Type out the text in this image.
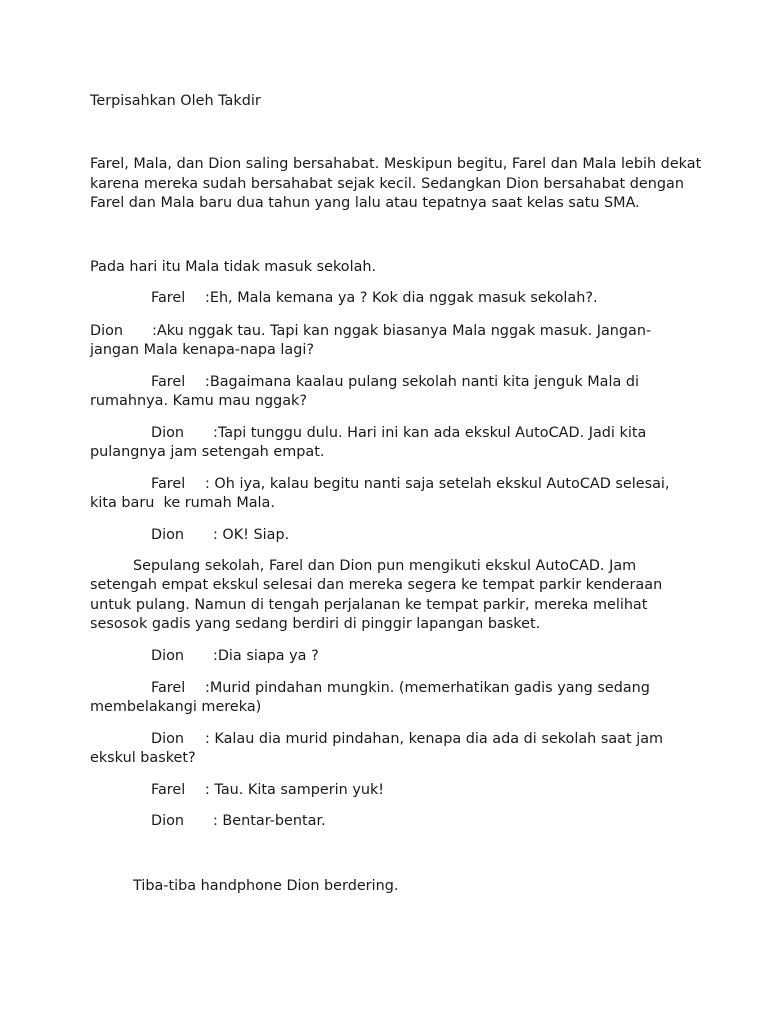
Terpisahkan Oleh Takdir
Farel, Mala, dan Dion saling bersahabat. Meskipun begitu, Farel dan Mala lebih dekat
karena mereka sudah bersahabat sejak kecil. Sedangkan Dion bersahabat dengan
Farel dan Mala baru dua tahun yang lalu atau tepatnya saat kelas satu SMA.
Pada hari itu Mala tidak masuk sekolah.
Farel :Eh, Mala kemana ya ? Kok dia nggak masuk sekolah?.
Dion :Aku nggak tau. Tapi kan nggak biasanya Mala nggak masuk. Jangan-
jangan Mala kenapa-napa lagi?
Farel :Bagaimana kaalau pulang sekolah nanti kita jenguk Mala di
rumahnya. Kamu mau nggak?
Dion :Tapi tunggu dulu. Hari ini kan ada ekskul AutoCAD. Jadi kita
pulangnya jam setengah empat.
Farel : Oh iya, kalau begitu nanti saja setelah ekskul AutoCAD selesai,
kita baru  ke rumah Mala.
Dion : OK! Siap.
Sepulang sekolah, Farel dan Dion pun mengikuti ekskul AutoCAD. Jam
setengah empat ekskul selesai dan mereka segera ke tempat parkir kenderaan
untuk pulang. Namun di tengah perjalanan ke tempat parkir, mereka melihat
sesosok gadis yang sedang berdiri di pinggir lapangan basket.
Dion :Dia siapa ya ?
Farel :Murid pindahan mungkin. (memerhatikan gadis yang sedang
membelakangi mereka)
Dion : Kalau dia murid pindahan, kenapa dia ada di sekolah saat jam
ekskul basket?
Farel : Tau. Kita samperin yuk!
Dion : Bentar-bentar.
Tiba-tiba handphone Dion berdering.
